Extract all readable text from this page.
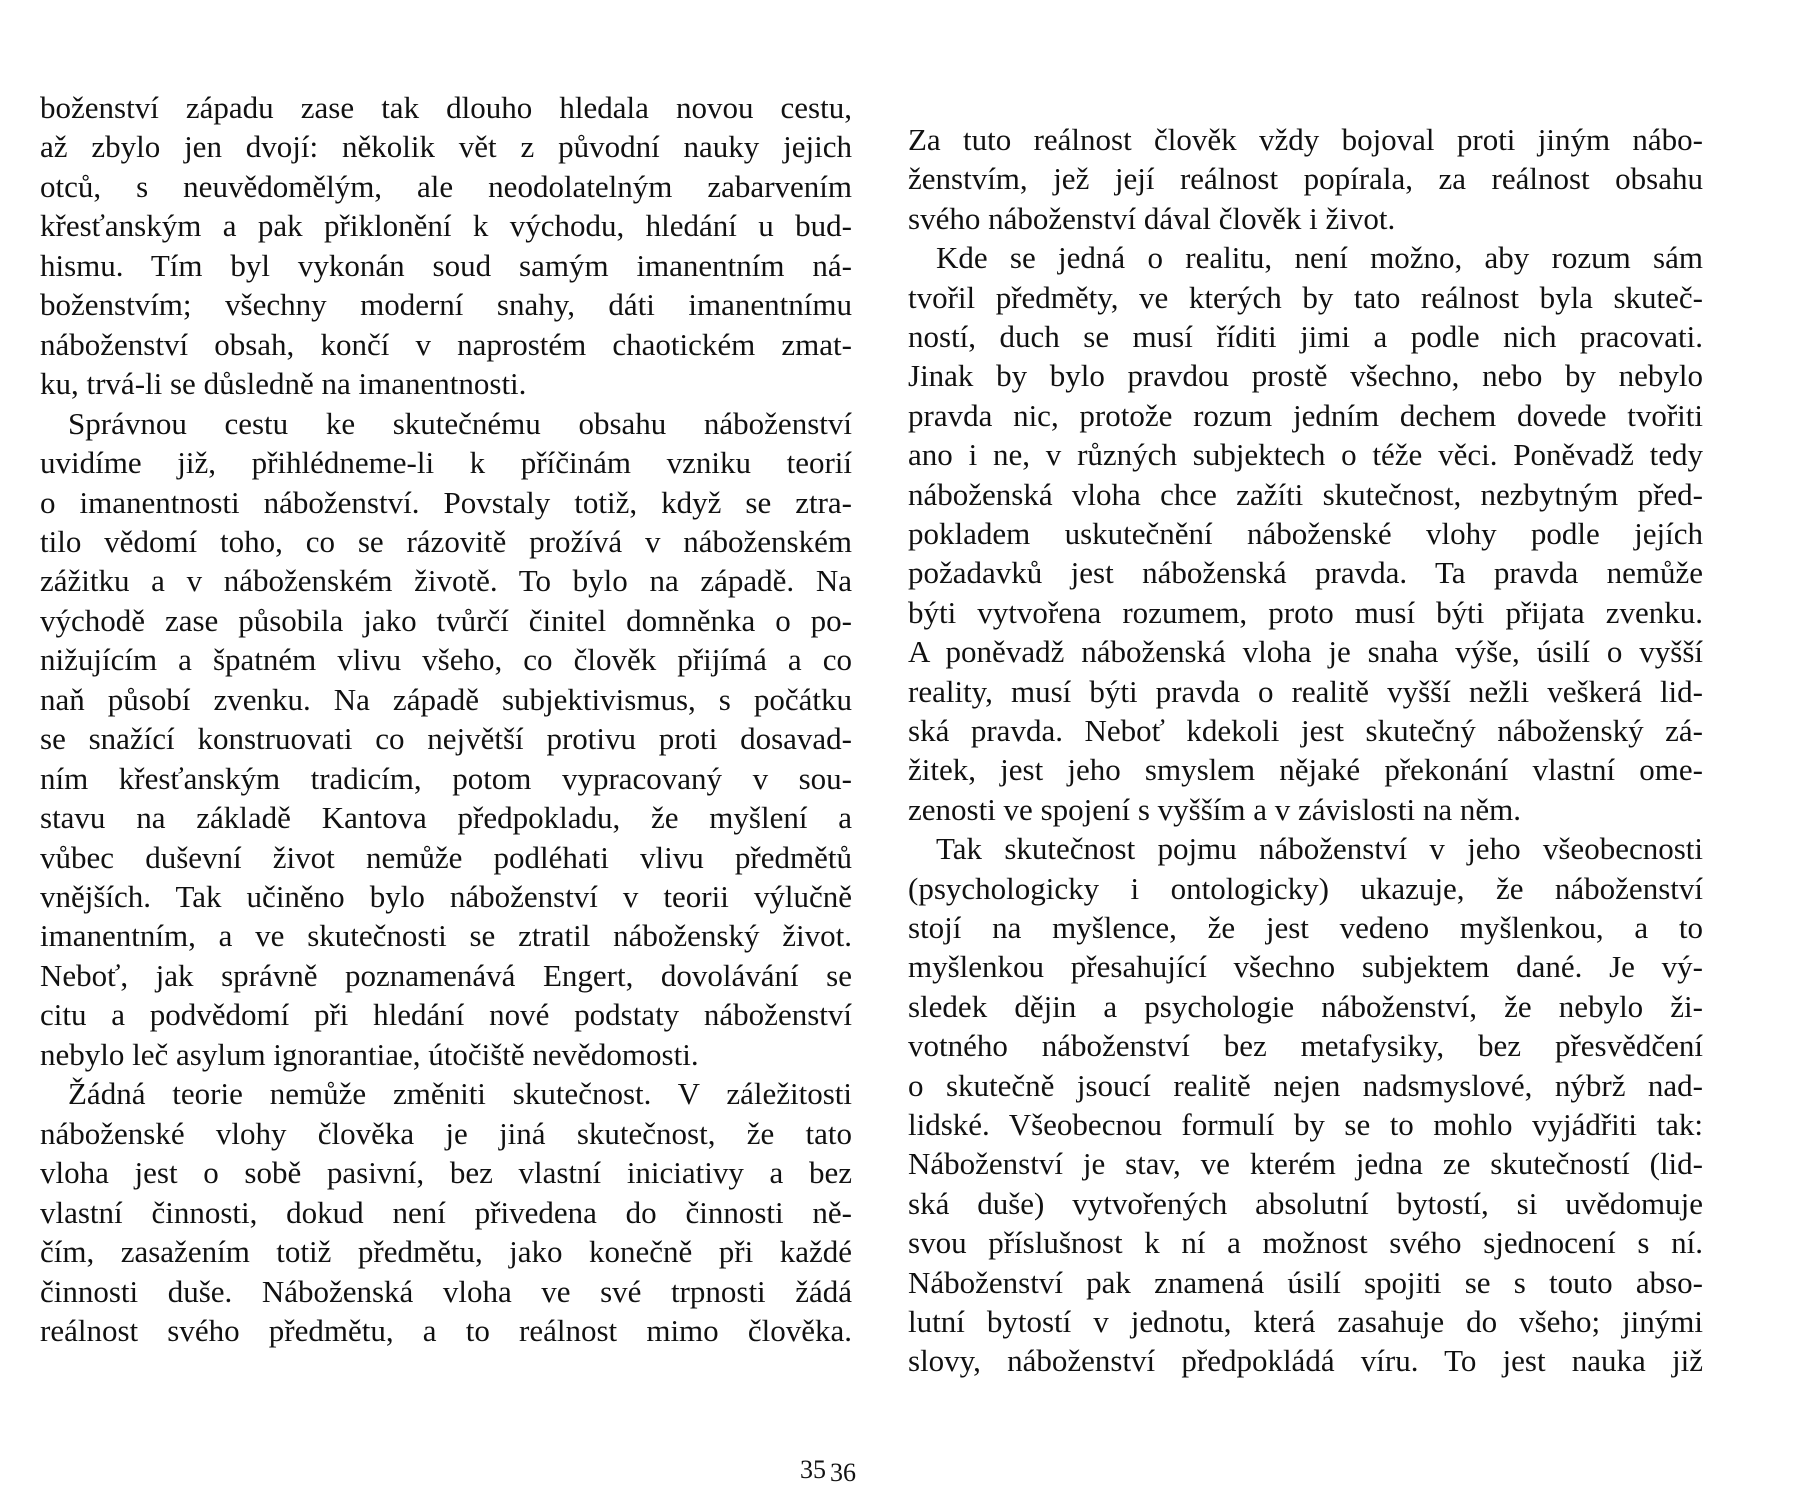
boženství západu zase tak dlouho hledala novou cestu,
až zbylo jen dvojí: několik vět z původní nauky jejich
otců, s neuvědomělým, ale neodolatelným zabarvením
křesťanským a pak přiklonění k východu, hledání u bud-
hismu. Tím byl vykonán soud samým imanentním ná-
boženstvím; všechny moderní snahy, dáti imanentnímu
náboženství obsah, končí v naprostém chaotickém zmat-
ku, trvá-li se důsledně na imanentnosti.
Správnou cestu ke skutečnému obsahu náboženství
uvidíme již, přihlédneme-li k příčinám vzniku teorií
o imanentnosti náboženství. Povstaly totiž, když se ztra-
tilo vědomí toho, co se rázovitě prožívá v náboženském
zážitku a v náboženském životě. To bylo na západě. Na
východě zase působila jako tvůrčí činitel domněnka o po-
nižujícím a špatném vlivu všeho, co člověk přijímá a co
naň působí zvenku. Na západě subjektivismus, s počátku
se snažící konstruovati co největší protivu proti dosavad-
ním křesťanským tradicím, potom vypracovaný v sou-
stavu na základě Kantova předpokladu, že myšlení a
vůbec duševní život nemůže podléhati vlivu předmětů
vnějších. Tak učiněno bylo náboženství v teorii výlučně
imanentním, a ve skutečnosti se ztratil náboženský život.
Neboť, jak správně poznamenává Engert, dovolávání se
citu a podvědomí při hledání nové podstaty náboženství
nebylo leč asylum ignorantiae, útočiště nevědomosti.
Žádná teorie nemůže změniti skutečnost. V záležitosti
náboženské vlohy člověka je jiná skutečnost, že tato
vloha jest o sobě pasivní, bez vlastní iniciativy a bez
vlastní činnosti, dokud není přivedena do činnosti ně-
čím, zasažením totiž předmětu, jako konečně při každé
činnosti duše. Náboženská vloha ve své trpnosti žádá
reálnost svého předmětu, a to reálnost mimo člověka.
35
Za tuto reálnost člověk vždy bojoval proti jiným nábo-
ženstvím, jež její reálnost popírala, za reálnost obsahu
svého náboženství dával člověk i život.
Kde se jedná o realitu, není možno, aby rozum sám
tvořil předměty, ve kterých by tato reálnost byla skuteč-
ností, duch se musí říditi jimi a podle nich pracovati.
Jinak by bylo pravdou prostě všechno, nebo by nebylo
pravda nic, protože rozum jedním dechem dovede tvořiti
ano i ne, v různých subjektech o téže věci. Poněvadž tedy
náboženská vloha chce zažíti skutečnost, nezbytným před-
pokladem uskutečnění náboženské vlohy podle jejích
požadavků jest náboženská pravda. Ta pravda nemůže
býti vytvořena rozumem, proto musí býti přijata zvenku.
A poněvadž náboženská vloha je snaha výše, úsilí o vyšší
reality, musí býti pravda o realitě vyšší nežli veškerá lid-
ská pravda. Neboť kdekoli jest skutečný náboženský zá-
žitek, jest jeho smyslem nějaké překonání vlastní ome-
zenosti ve spojení s vyšším a v závislosti na něm.
Tak skutečnost pojmu náboženství v jeho všeobecnosti
(psychologicky i ontologicky) ukazuje, že náboženství
stojí na myšlence, že jest vedeno myšlenkou, a to
myšlenkou přesahující všechno subjektem dané. Je vý-
sledek dějin a psychologie náboženství, že nebylo ži-
votného náboženství bez metafysiky, bez přesvědčení
o skutečně jsoucí realitě nejen nadsmyslové, nýbrž nad-
lidské. Všeobecnou formulí by se to mohlo vyjádřiti tak:
Náboženství je stav, ve kterém jedna ze skutečností (lid-
ská duše) vytvořených absolutní bytostí, si uvědomuje
svou příslušnost k ní a možnost svého sjednocení s ní.
Náboženství pak znamená úsilí spojiti se s touto abso-
lutní bytostí v jednotu, která zasahuje do všeho; jinými
slovy, náboženství předpokládá víru. To jest nauka již
36
